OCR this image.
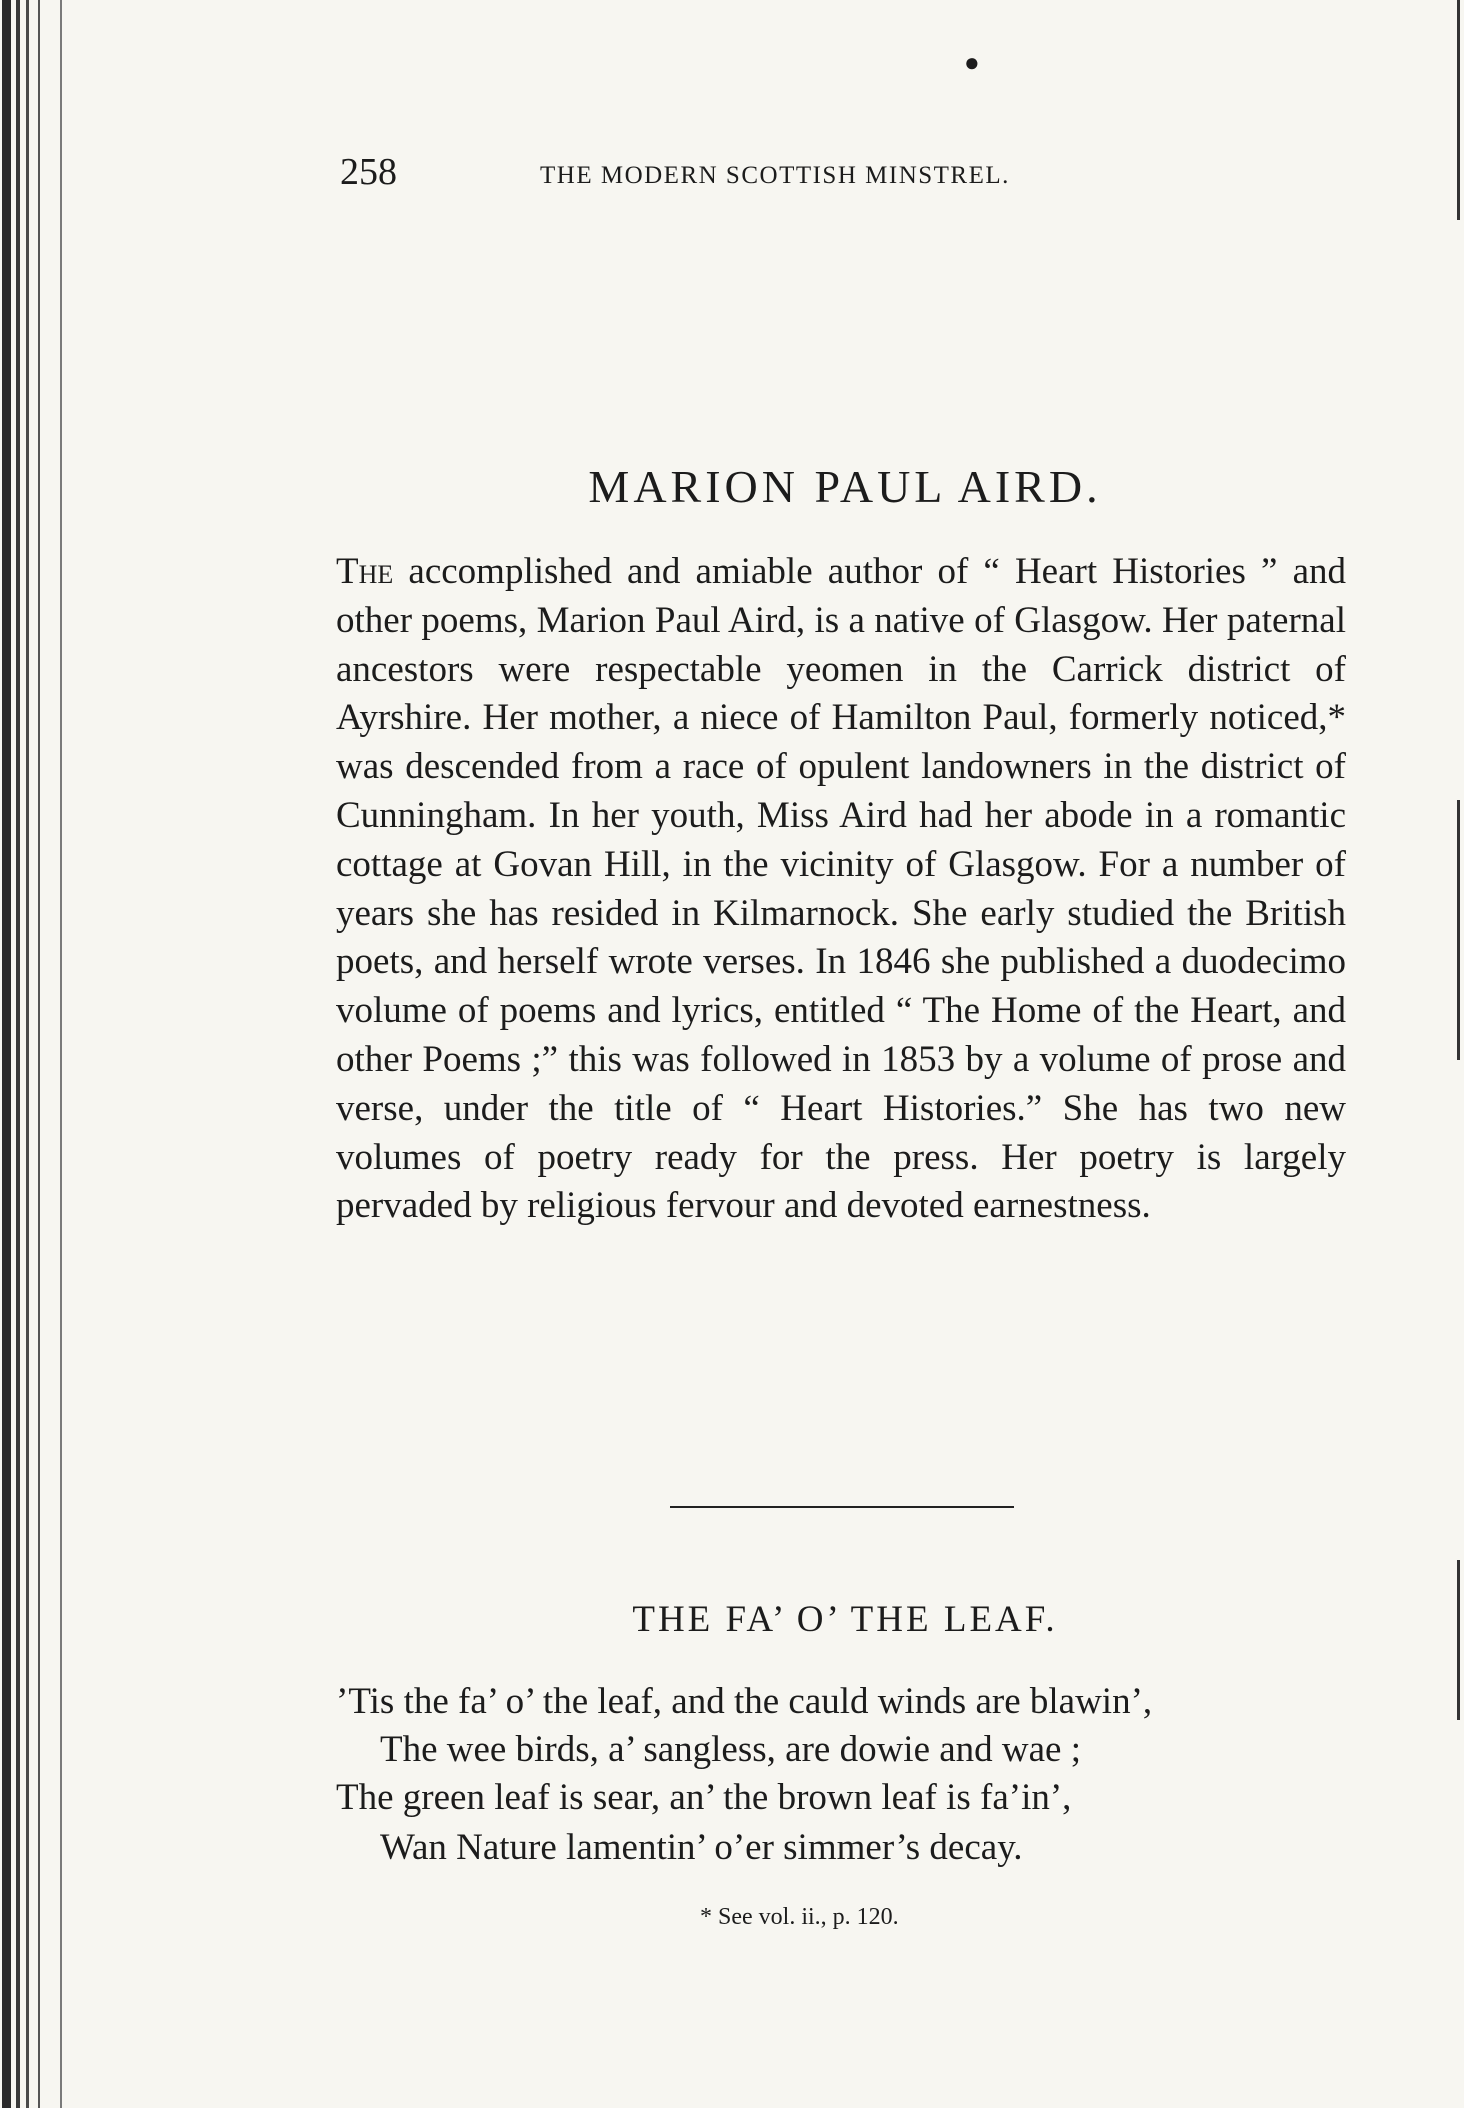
●
258	THE MODERN SCOTTISH MINSTREL.
MARION PAUL AIRD.

The accomplished and amiable author of “ Heart Histories ” and other poems, Marion Paul Aird, is a native of Glasgow. Her paternal ancestors were respectable yeomen in the Carrick district of Ayrshire. Her mother, a niece of Hamilton Paul, formerly noticed,* was descended from a race of opulent landowners in the district of Cunningham. In her youth, Miss Aird had her abode in a romantic cottage at Govan Hill, in the vicinity of Glasgow. For a number of years she has resided in Kilmarnock. She early studied the British poets, and herself wrote verses. In 1846 she published a duodecimo volume of poems and lyrics, entitled “ The Home of the Heart, and other Poems ;” this was followed in 1853 by a volume of prose and verse, under the title of “ Heart Histories.” She has two new volumes of poetry ready for the press. Her poetry is largely pervaded by religious fervour and devoted earnestness.

THE FA’ O’ THE LEAF.
’Tis the fa’ o’ the leaf, and the cauld winds are blawin’,
The wee birds, a’ sangless, are dowie and wae ;
The green leaf is sear, an’ the brown leaf is fa’in’,
Wan Nature lamentin’ o’er simmer’s decay.
* See vol. ii., p. 120.
